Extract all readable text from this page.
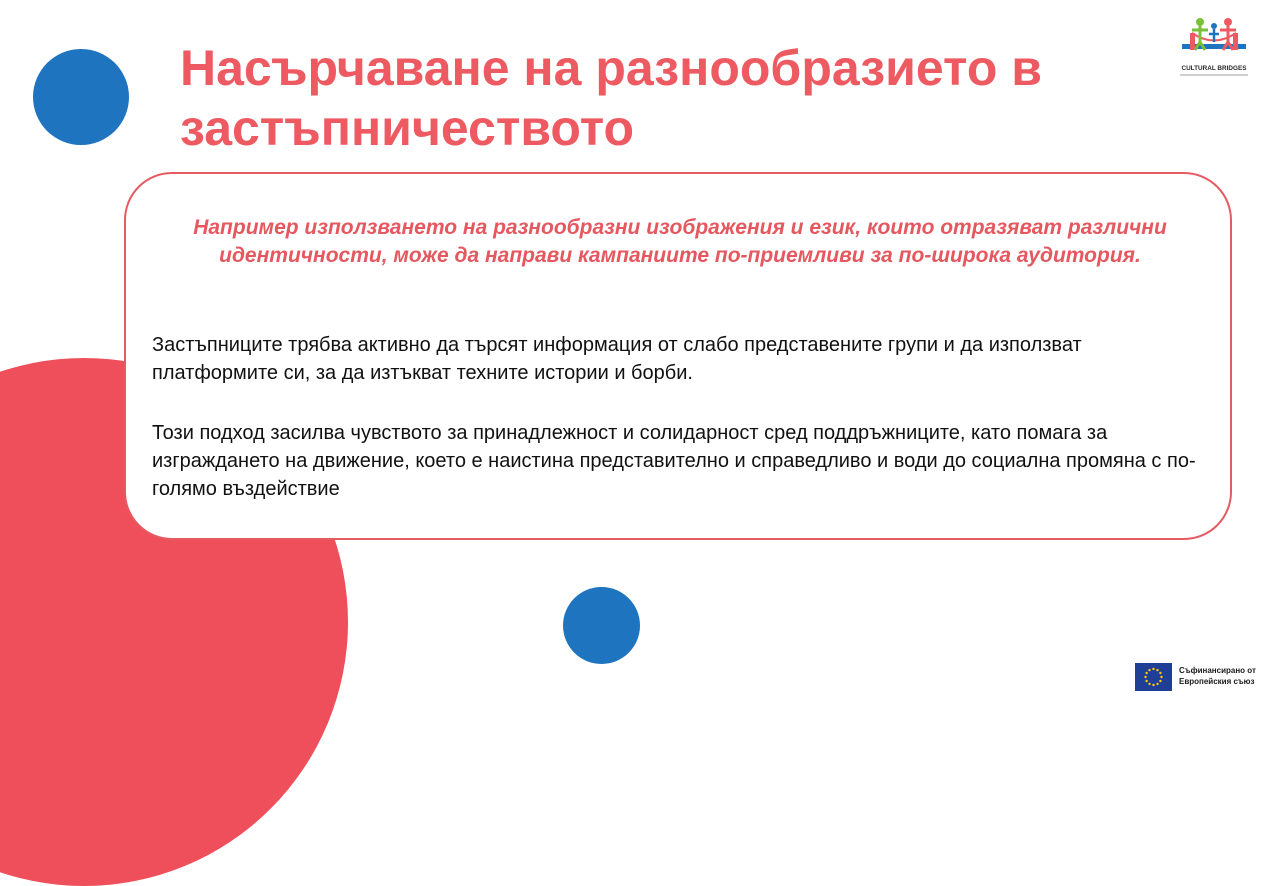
Насърчаване на разнообразието в застъпничеството
CULTURAL BRIDGES

Например използването на разнообразни изображения и език, които отразяват различни идентичности, може да направи кампаниите по-приемливи за по-широка аудитория.

Застъпниците трябва активно да търсят информация от слабо представените групи и да използват платформите си, за да изтъкват техните истории и борби.

Този подход засилва чувството за принадлежност и солидарност сред поддръжниците, като помага за изграждането на движение, което е наистина представително и справедливо и води до социална промяна с по-голямо въздействие

Съфинансирано от
Европейския съюз
